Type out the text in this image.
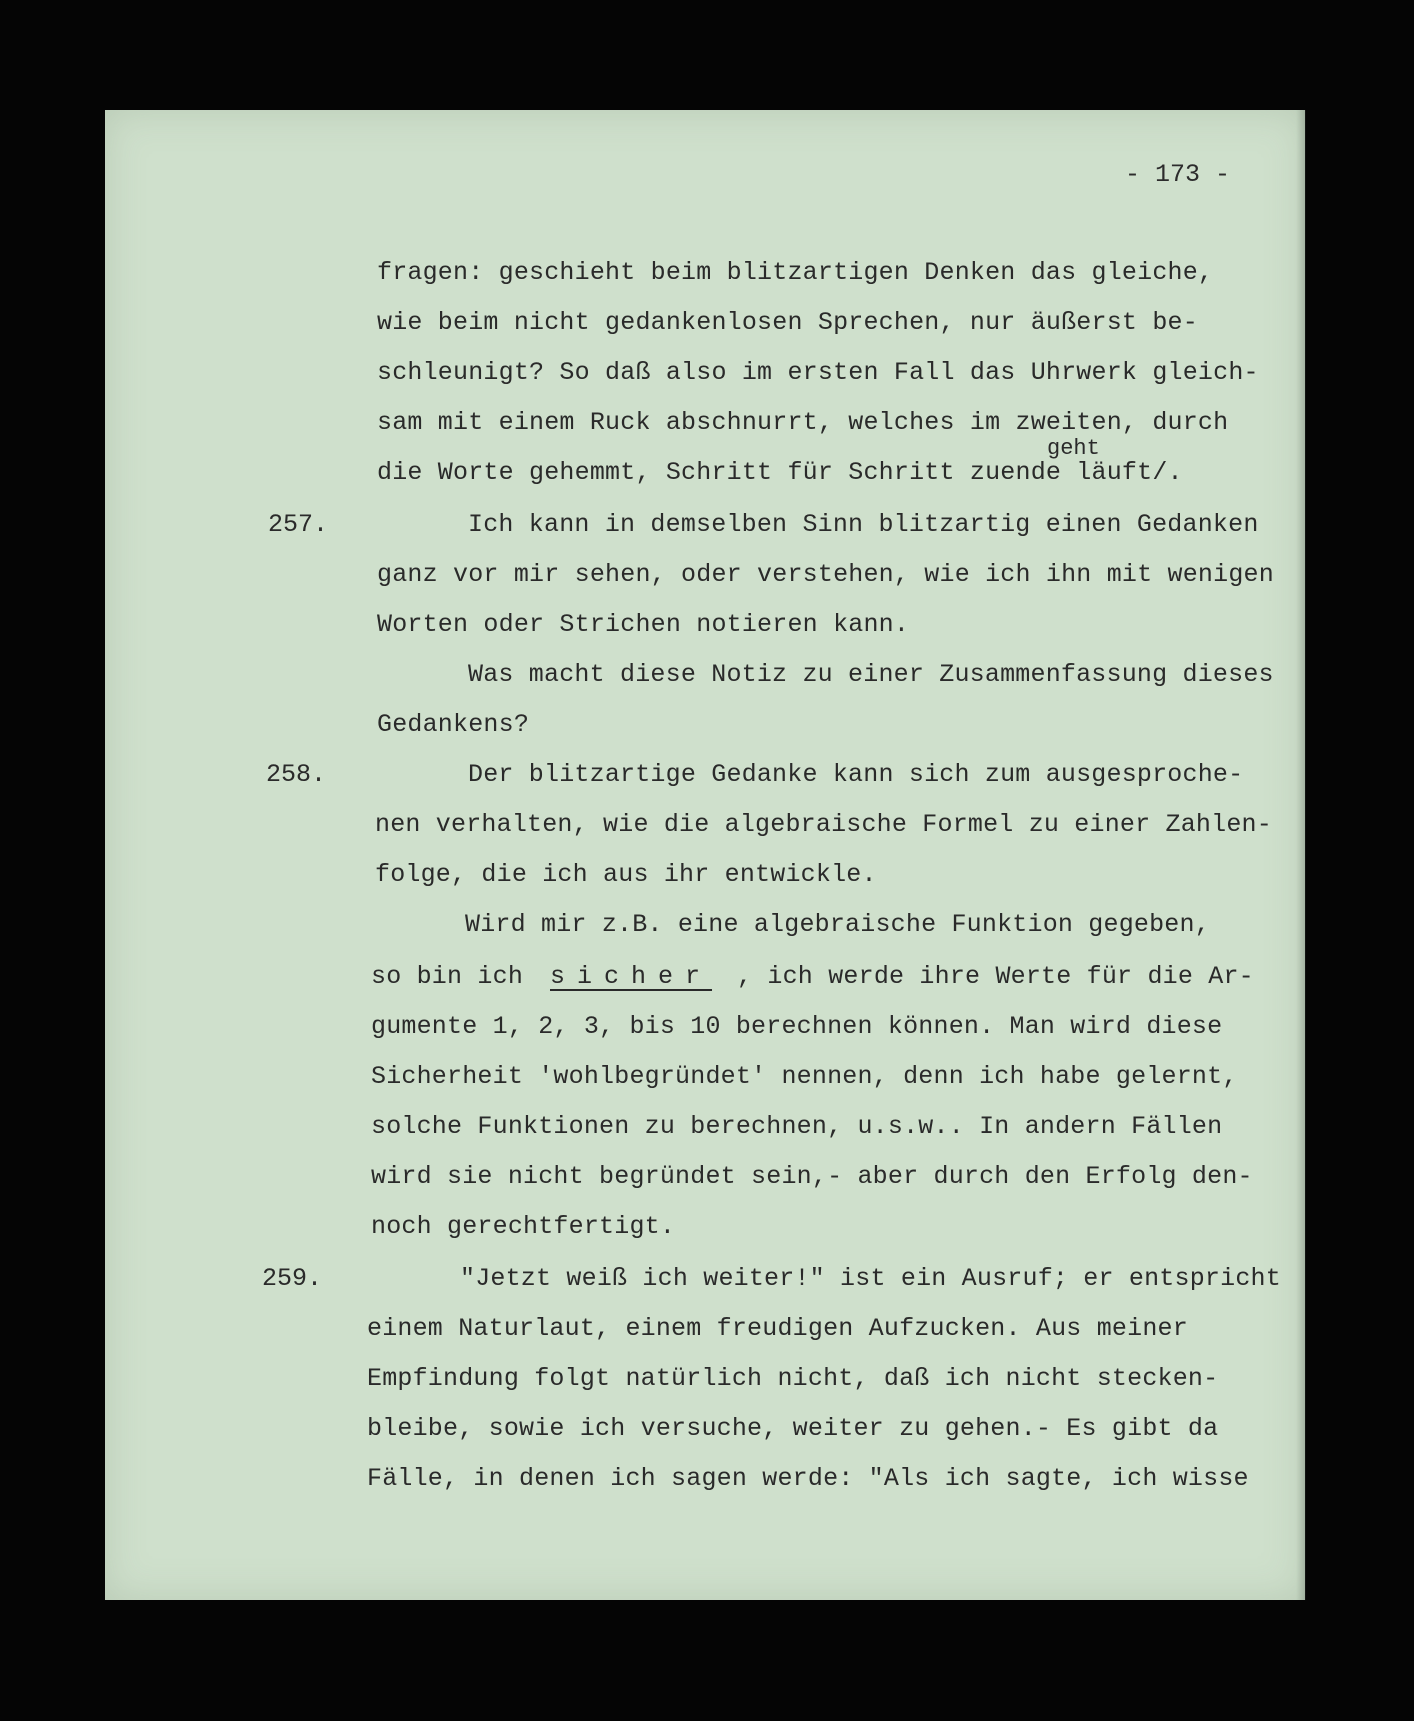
- 173 -
fragen: geschieht beim blitzartigen Denken das gleiche,
wie beim nicht gedankenlosen Sprechen, nur äußerst be-
schleunigt? So daß also im ersten Fall das Uhrwerk gleich-
sam mit einem Ruck abschnurrt, welches im zweiten, durch
geht
die Worte gehemmt, Schritt für Schritt zuende läuft/.
257.	Ich kann in demselben Sinn blitzartig einen Gedanken
ganz vor mir sehen, oder verstehen, wie ich ihn mit wenigen
Worten oder Strichen notieren kann.
Was macht diese Notiz zu einer Zusammenfassung dieses
Gedankens?
258.	Der blitzartige Gedanke kann sich zum ausgesproche-
nen verhalten, wie die algebraische Formel zu einer Zahlen-
folge, die ich aus ihr entwickle.
Wird mir z.B. eine algebraische Funktion gegeben,
so bin ich sicher , ich werde ihre Werte für die Ar-
gumente 1, 2, 3, bis 10 berechnen können. Man wird diese
Sicherheit 'wohlbegründet' nennen, denn ich habe gelernt,
solche Funktionen zu berechnen, u.s.w.. In andern Fällen
wird sie nicht begründet sein,- aber durch den Erfolg den-
noch gerechtfertigt.
259.	"Jetzt weiß ich weiter!" ist ein Ausruf; er entspricht
einem Naturlaut, einem freudigen Aufzucken. Aus meiner
Empfindung folgt natürlich nicht, daß ich nicht stecken-
bleibe, sowie ich versuche, weiter zu gehen.- Es gibt da
Fälle, in denen ich sagen werde: "Als ich sagte, ich wisse
